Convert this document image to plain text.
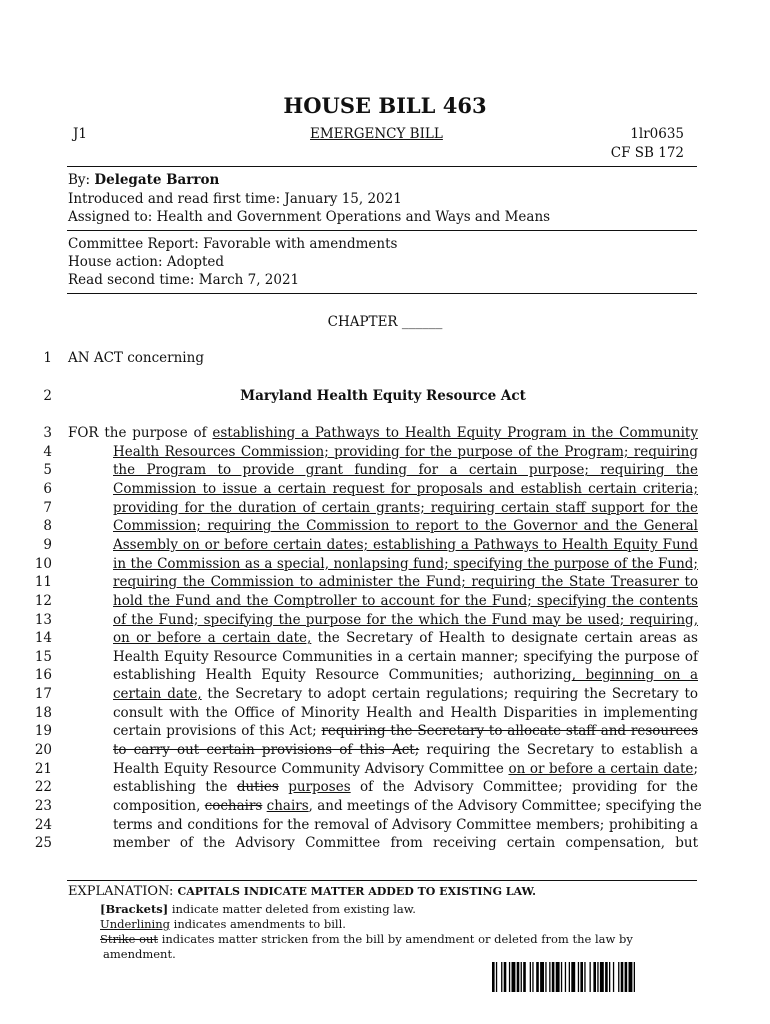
HOUSE BILL 463
J1	EMERGENCY BILL	1lr0635
CF SB 172
By: Delegate Barron
Introduced and read first time: January 15, 2021
Assigned to: Health and Government Operations and Ways and Means
Committee Report: Favorable with amendments
House action: Adopted
Read second time: March 7, 2021
CHAPTER ______
1 AN ACT concerning
2	Maryland Health Equity Resource Act
3 FOR the purpose of establishing a Pathways to Health Equity Program in the Community
4	Health Resources Commission; providing for the purpose of the Program; requiring
5	the Program to provide grant funding for a certain purpose; requiring the
6	Commission to issue a certain request for proposals and establish certain criteria;
7	providing for the duration of certain grants; requiring certain staff support for the
8	Commission; requiring the Commission to report to the Governor and the General
9	Assembly on or before certain dates; establishing a Pathways to Health Equity Fund
10	in the Commission as a special, nonlapsing fund; specifying the purpose of the Fund;
11	requiring the Commission to administer the Fund; requiring the State Treasurer to
12	hold the Fund and the Comptroller to account for the Fund; specifying the contents
13	of the Fund; specifying the purpose for the which the Fund may be used; requiring,
14	on or before a certain date, the Secretary of Health to designate certain areas as
15	Health Equity Resource Communities in a certain manner; specifying the purpose of
16	establishing Health Equity Resource Communities; authorizing, beginning on a
17	certain date, the Secretary to adopt certain regulations; requiring the Secretary to
18	consult with the Office of Minority Health and Health Disparities in implementing
19	certain provisions of this Act; requiring the Secretary to allocate staff and resources
20	to carry out certain provisions of this Act; requiring the Secretary to establish a
21	Health Equity Resource Community Advisory Committee on or before a certain date;
22	establishing the duties purposes of the Advisory Committee; providing for the
23	composition, cochairs chairs, and meetings of the Advisory Committee; specifying the
24	terms and conditions for the removal of Advisory Committee members; prohibiting a
25	member of the Advisory Committee from receiving certain compensation, but
EXPLANATION: CAPITALS INDICATE MATTER ADDED TO EXISTING LAW.
[Brackets] indicate matter deleted from existing law.
Underlining indicates amendments to bill.
Strike out indicates matter stricken from the bill by amendment or deleted from the law by
amendment.
